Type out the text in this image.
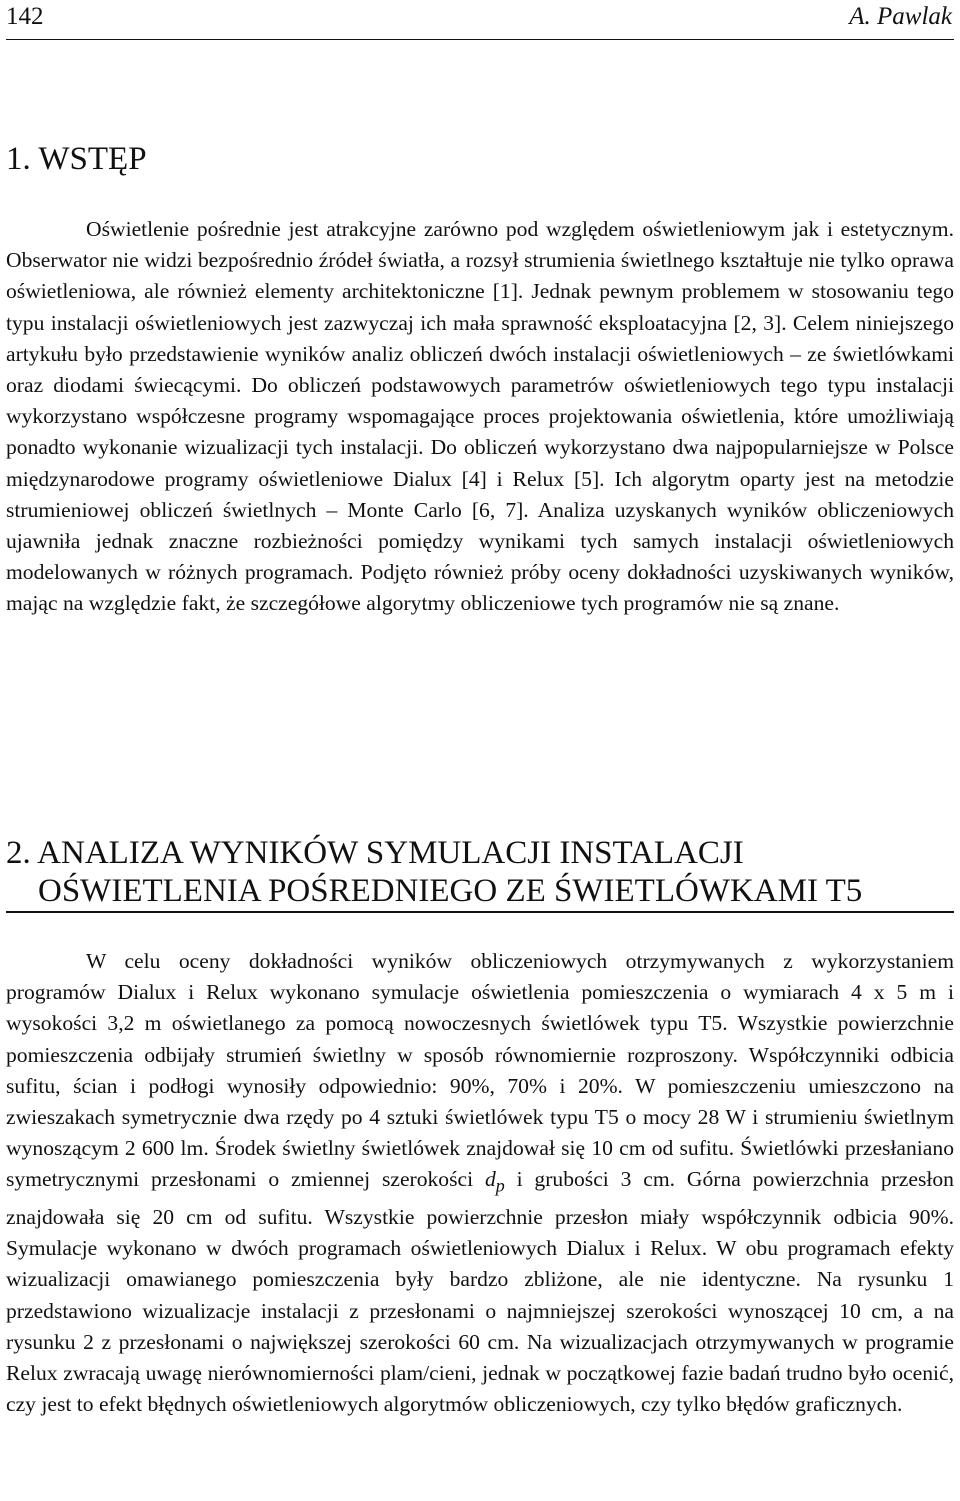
142	A. Pawlak
1. WSTĘP

Oświetlenie pośrednie jest atrakcyjne zarówno pod względem oświetleniowym jak i estetycznym. Obserwator nie widzi bezpośrednio źródeł światła, a rozsył strumienia świetlnego kształtuje nie tylko oprawa oświetleniowa, ale również elementy architektoniczne [1]. Jednak pewnym problemem w stosowaniu tego typu instalacji oświetleniowych jest zazwyczaj ich mała sprawność eksploatacyjna [2, 3]. Celem niniejszego artykułu było przedstawienie wyników analiz obliczeń dwóch instalacji oświetleniowych – ze świetlówkami oraz diodami świecącymi. Do obliczeń podstawowych parametrów oświetleniowych tego typu instalacji wykorzystano współczesne programy wspomagające proces projektowania oświetlenia, które umożliwiają ponadto wykonanie wizualizacji tych instalacji. Do obliczeń wykorzystano dwa najpopularniejsze w Polsce międzynarodowe programy oświetleniowe Dialux [4] i Relux [5]. Ich algorytm oparty jest na metodzie strumieniowej obliczeń świetlnych – Monte Carlo [6, 7]. Analiza uzyskanych wyników obliczeniowych ujawniła jednak znaczne rozbieżności pomiędzy wynikami tych samych instalacji oświetleniowych modelowanych w różnych programach. Podjęto również próby oceny dokładności uzyskiwanych wyników, mając na względzie fakt, że szczegółowe algorytmy obliczeniowe tych programów nie są znane.

2. ANALIZA WYNIKÓW SYMULACJI INSTALACJI
OŚWIETLENIA POŚREDNIEGO ZE ŚWIETLÓWKAMI T5

W celu oceny dokładności wyników obliczeniowych otrzymywanych z wykorzystaniem programów Dialux i Relux wykonano symulacje oświetlenia pomieszczenia o wymiarach 4 x 5 m i wysokości 3,2 m oświetlanego za pomocą nowoczesnych świetlówek typu T5. Wszystkie powierzchnie pomieszczenia odbijały strumień świetlny w sposób równomiernie rozproszony. Współczynniki odbicia sufitu, ścian i podłogi wynosiły odpowiednio: 90%, 70% i 20%. W pomieszczeniu umieszczono na zwieszakach symetrycznie dwa rzędy po 4 sztuki świetlówek typu T5 o mocy 28 W i strumieniu świetlnym wynoszącym 2 600 lm. Środek świetlny świetlówek znajdował się 10 cm od sufitu. Świetlówki przesłaniano symetrycznymi przesłonami o zmiennej szerokości $d_p$ i grubości 3 cm. Górna powierzchnia przesłon znajdowała się 20 cm od sufitu. Wszystkie powierzchnie przesłon miały współczynnik odbicia 90%. Symulacje wykonano w dwóch programach oświetleniowych Dialux i Relux. W obu programach efekty wizualizacji omawianego pomieszczenia były bardzo zbliżone, ale nie identyczne. Na rysunku 1 przedstawiono wizualizacje instalacji z przesłonami o najmniejszej szerokości wynoszącej 10 cm, a na rysunku 2 z przesłonami o największej szerokości 60 cm. Na wizualizacjach otrzymywanych w programie Relux zwracają uwagę nierównomierności plam/cieni, jednak w początkowej fazie badań trudno było ocenić, czy jest to efekt błędnych oświetleniowych algorytmów obliczeniowych, czy tylko błędów graficznych.
